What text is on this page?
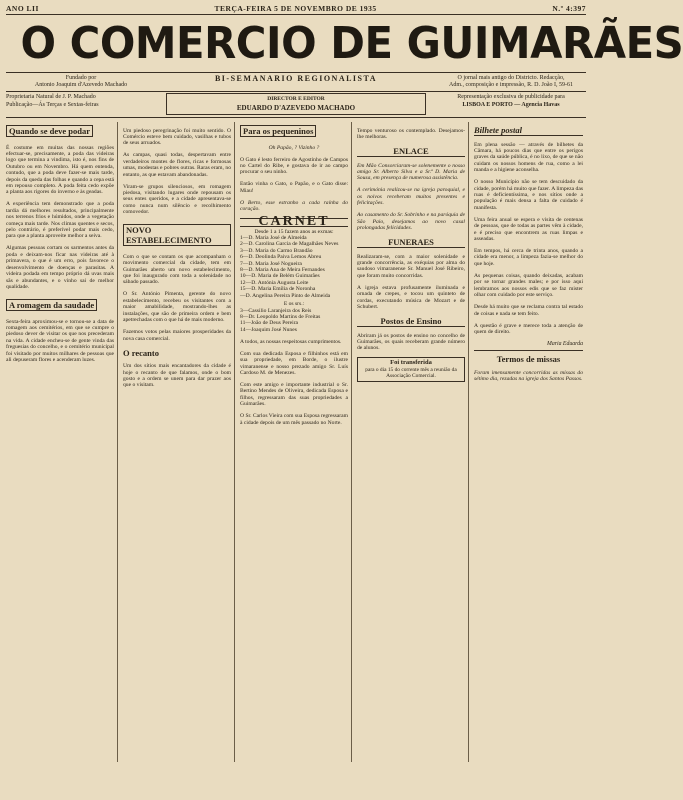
ANO LII	TERÇA-FEIRA 5 DE NOVEMBRO DE 1935	N.º 4:397
O COMERCIO DE GUIMARÃES
Fundado por
Antonio Joaquim d'Azevedo Machado
BI-SEMANARIO REGIONALISTA	O jornal mais antigo do Districto. Redacção,
Adm., composição e impressão, R. D. João I, 59-61
Proprietaria Natural de J. P. Machado
Publicação—Ás Terças e Sextas-feiras
DIRECTOR E EDITOR
EDUARDO D'AZEVEDO MACHADO
Representação exclusiva de publicidade para
LISBOA E PORTO — Agencia Havas
Quando se deve podar

É costume em muitas das nossas regiões efectuar-se, precisamente, a poda das videiras logo que termina a vindima, isto é, nos fins de Outubro ou em Novembro. Há quem entenda, contudo, que a poda deve fazer-se mais tarde, depois da queda das folhas e quando a cepa está em repouso completo. A poda feita cedo expõe a planta aos rigores do inverno e às geadas.

A experiência tem demonstrado que a poda tardia dá melhores resultados, principalmente nos terrenos frios e húmidos, onde a vegetação começa mais tarde. Nos climas quentes e secos, pelo contrário, é preferível podar mais cedo, para que a planta aproveite melhor a seiva.

Algumas pessoas cortam os sarmentos antes da poda e deixam-nos ficar nas videiras até à primavera, o que é um erro, pois favorece o desenvolvimento de doenças e parasitas. A videira podada em tempo próprio dá uvas mais sãs e abundantes, e o vinho sai de melhor qualidade.

A romagem da saudade

Sexta-feira aproximou-se e tornou-se a data de romagem aos cemitérios, em que se cumpre o piedoso dever de visitar os que nos precederam na vida. A cidade encheu-se de gente vinda das freguesias do concelho, e o cemitério municipal foi visitado por muitos milhares de pessoas que ali depuseram flores e acenderam luzes.

Um piedoso peregrinação foi muito sentido. O Comércio esteve bem cuidado, vasilhas e tubos de seus arruados.

As campas, quasi todas, despertavam entre verdadeiros montes de flores, ricas e formosas umas, modestas e pobres outras. Raras eram, no entanto, as que estavam abandonadas.

Viram-se grupos silenciosos, em romagem piedosa, visitando lugares onde repousam os seus entes queridos, e a cidade apresentava-se como nunca num silêncio e recolhimento comovedor.

NOVO ESTABELECIMENTO

Com o que se contam os que acompanham o movimento comercial da cidade, tem em Guimarães aberto um novo estabelecimento, que foi inaugurado com toda a solenidade no sábado passado.

O Sr. António Pimenta, gerente do novo estabelecimento, recebeu os visitantes com a maior amabilidade, mostrando-lhes as instalações, que são de primeira ordem e bem apetrechadas com o que há de mais moderno.

Fazemos votos pelas maiores prosperidades da nova casa comercial.

O recanto

Um dos sítios mais encantadores da cidade é hoje o recanto de que falamos, onde o bom gosto e a ordem se unem para dar prazer aos que o visitam.

Para os pequeninos

Oh Papão, ? Vizinho ?

O Gato é lesto ferreiro de Agostinho de Campos no Cartel do Ribe, e gostava de ir ao campo procurar o seu ninho.

Então vinha o Gato, o Papão, e o Gato disse: Miau!

O Berto, esse estranho a cada raínha do coração.

CARNET
Desde 1 a 15 fazem anos as exmas:
1—D. Maria José de Almeida
2—D. Carolina Garcia de Magalhães Neves
3—D. Maria do Carmo Brandão
6—D. Deolinda Paiva Lemos Abreu
7—D. Maria José Nogueira
8—D. Maria Ana de Meira Fernandes
10—D. Maria de Belém Guimarães
12—D. Antónia Augusta Leite
15—D. Maria Emília de Noronha
—D. Angelina Pereira Pinto de Almeida
E os srs.:
3—Cassilio Laranjeira dos Reis
8—Dr. Leopoldo Martins de Freitas
11—João de Deus Pereira
14—Joaquim José Nunes

A todos, as nossas respeitosas cumprimentos.

Com sua dedicada Esposa e filhinhos está em sua propriedade, em Borde, o ilustre vimaranense e nosso prezado amigo Sr. Luís Cardoso M. de Menezes.

Com este amigo e importante industrial o Sr. Bertino Mendes de Oliveira, dedicada Esposa e filhos, regressaram das suas propriedades a Guimarães.

O Sr. Carlos Vieira com sua Esposa regressaram à cidade depois de um mês passado no Norte.

Tempo venturoso os contemplado. Desejamos-lhe melhoras.

ENLACE

Em Mão Consorciaram-se solenemente o nosso amigo Sr. Alberto Silva e a Sr.ª D. Maria de Sousa, em presença de numerosa assistência.

A cerimónia realizou-se na igreja paroquial, e os noivos receberam muitos presentes e felicitações.

Ao casamento do Sr. Sobrinho e na paróquia de São Paio, desejamos ao novo casal prolongadas felicidades.

FUNERAES

Realizaram-se, com a maior solenidade e grande concorrência, as exéquias por alma do saudoso vimaranense Sr. Manuel José Ribeiro, que foram muito concorridas.

A igreja estava profusamente iluminada e ornada de crepes, e tocou um quinteto de cordas, executando música de Mozart e de Schubert.

Postos de Ensino

Abriram já os postos de ensino no concelho de Guimarães, os quais receberam grande número de alunos.

Foi transferida
para o dia 15 do corrente mês a reunião da Associação Comercial.
Bilhete postal

Em plena sessão — através de bilhetes da Câmara, há poucos dias que entre os perigos graves da saúde pública, é no lixo, de que se não cuidam os nossos homens de rua, como a lei manda e a higiene aconselha.

O nosso Município não se tem descuidado da cidade, porém há muito que fazer. A limpeza das ruas é deficientíssima, e nos sítios onde a população é mais densa a falta de cuidado é manifesta.

Uma feira anual se espera e visita de centenas de pessoas, que de todas as partes vêm à cidade, e é preciso que encontrem as ruas limpas e asseadas.

Em tempos, há cerca de trinta anos, quando a cidade era menor, a limpeza fazia-se melhor do que hoje.

As pequenas coisas, quando deixadas, acabam por se tornar grandes males; e por isso aqui lembramos aos nossos edis que se faz mister olhar com cuidado por este serviço.

Desde há muito que se reclama contra tal estado de coisas e nada se tem feito.

A questão é grave e merece toda a atenção de quem de direito.

Maria Eduarda
Termos de missas

Foram imensamente concorridas as missas do sétimo dia, rezadas na igreja dos Santos Passos.
